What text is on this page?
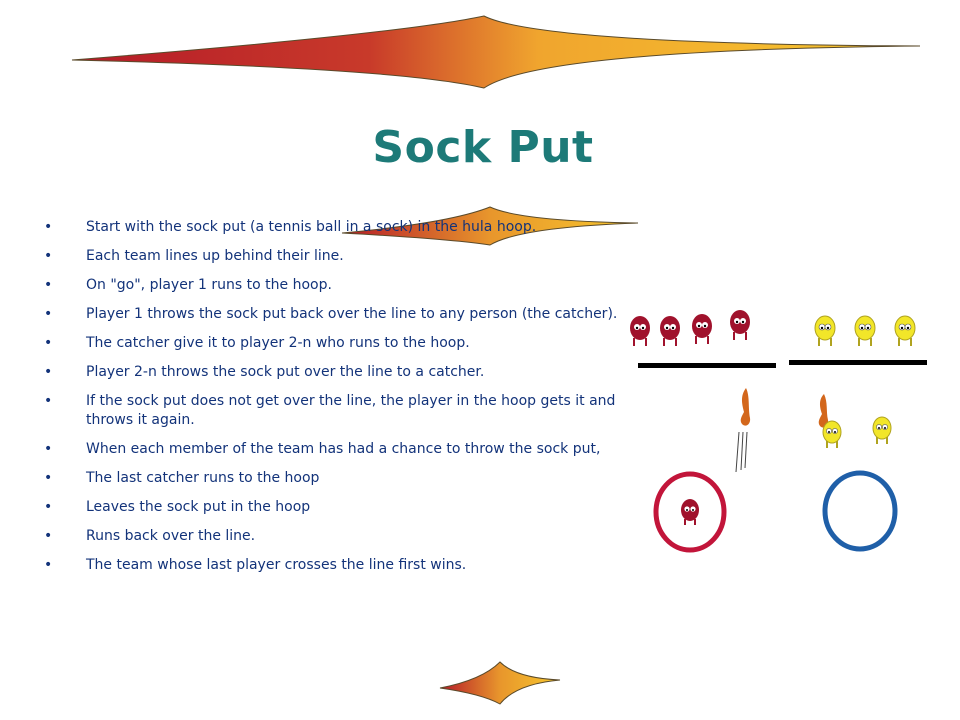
Sock Put
• Start with the sock put (a tennis ball in a sock) in the hula hoop.
• Each team lines up behind their line.
• On "go", player 1 runs to the hoop.
• Player 1 throws the sock put back over the line to any person (the catcher).
• The catcher give it to player 2-n who runs to the hoop.
• Player 2-n throws the sock put over the line to a catcher.
• If the sock put does not get over the line, the player in the hoop gets it and throws it again.
• When each member of the team has had a chance to throw the sock put,
• The last catcher runs to the hoop
• Leaves the sock put in the hoop
• Runs back over the line.
• The team whose last player crosses the line first wins.
